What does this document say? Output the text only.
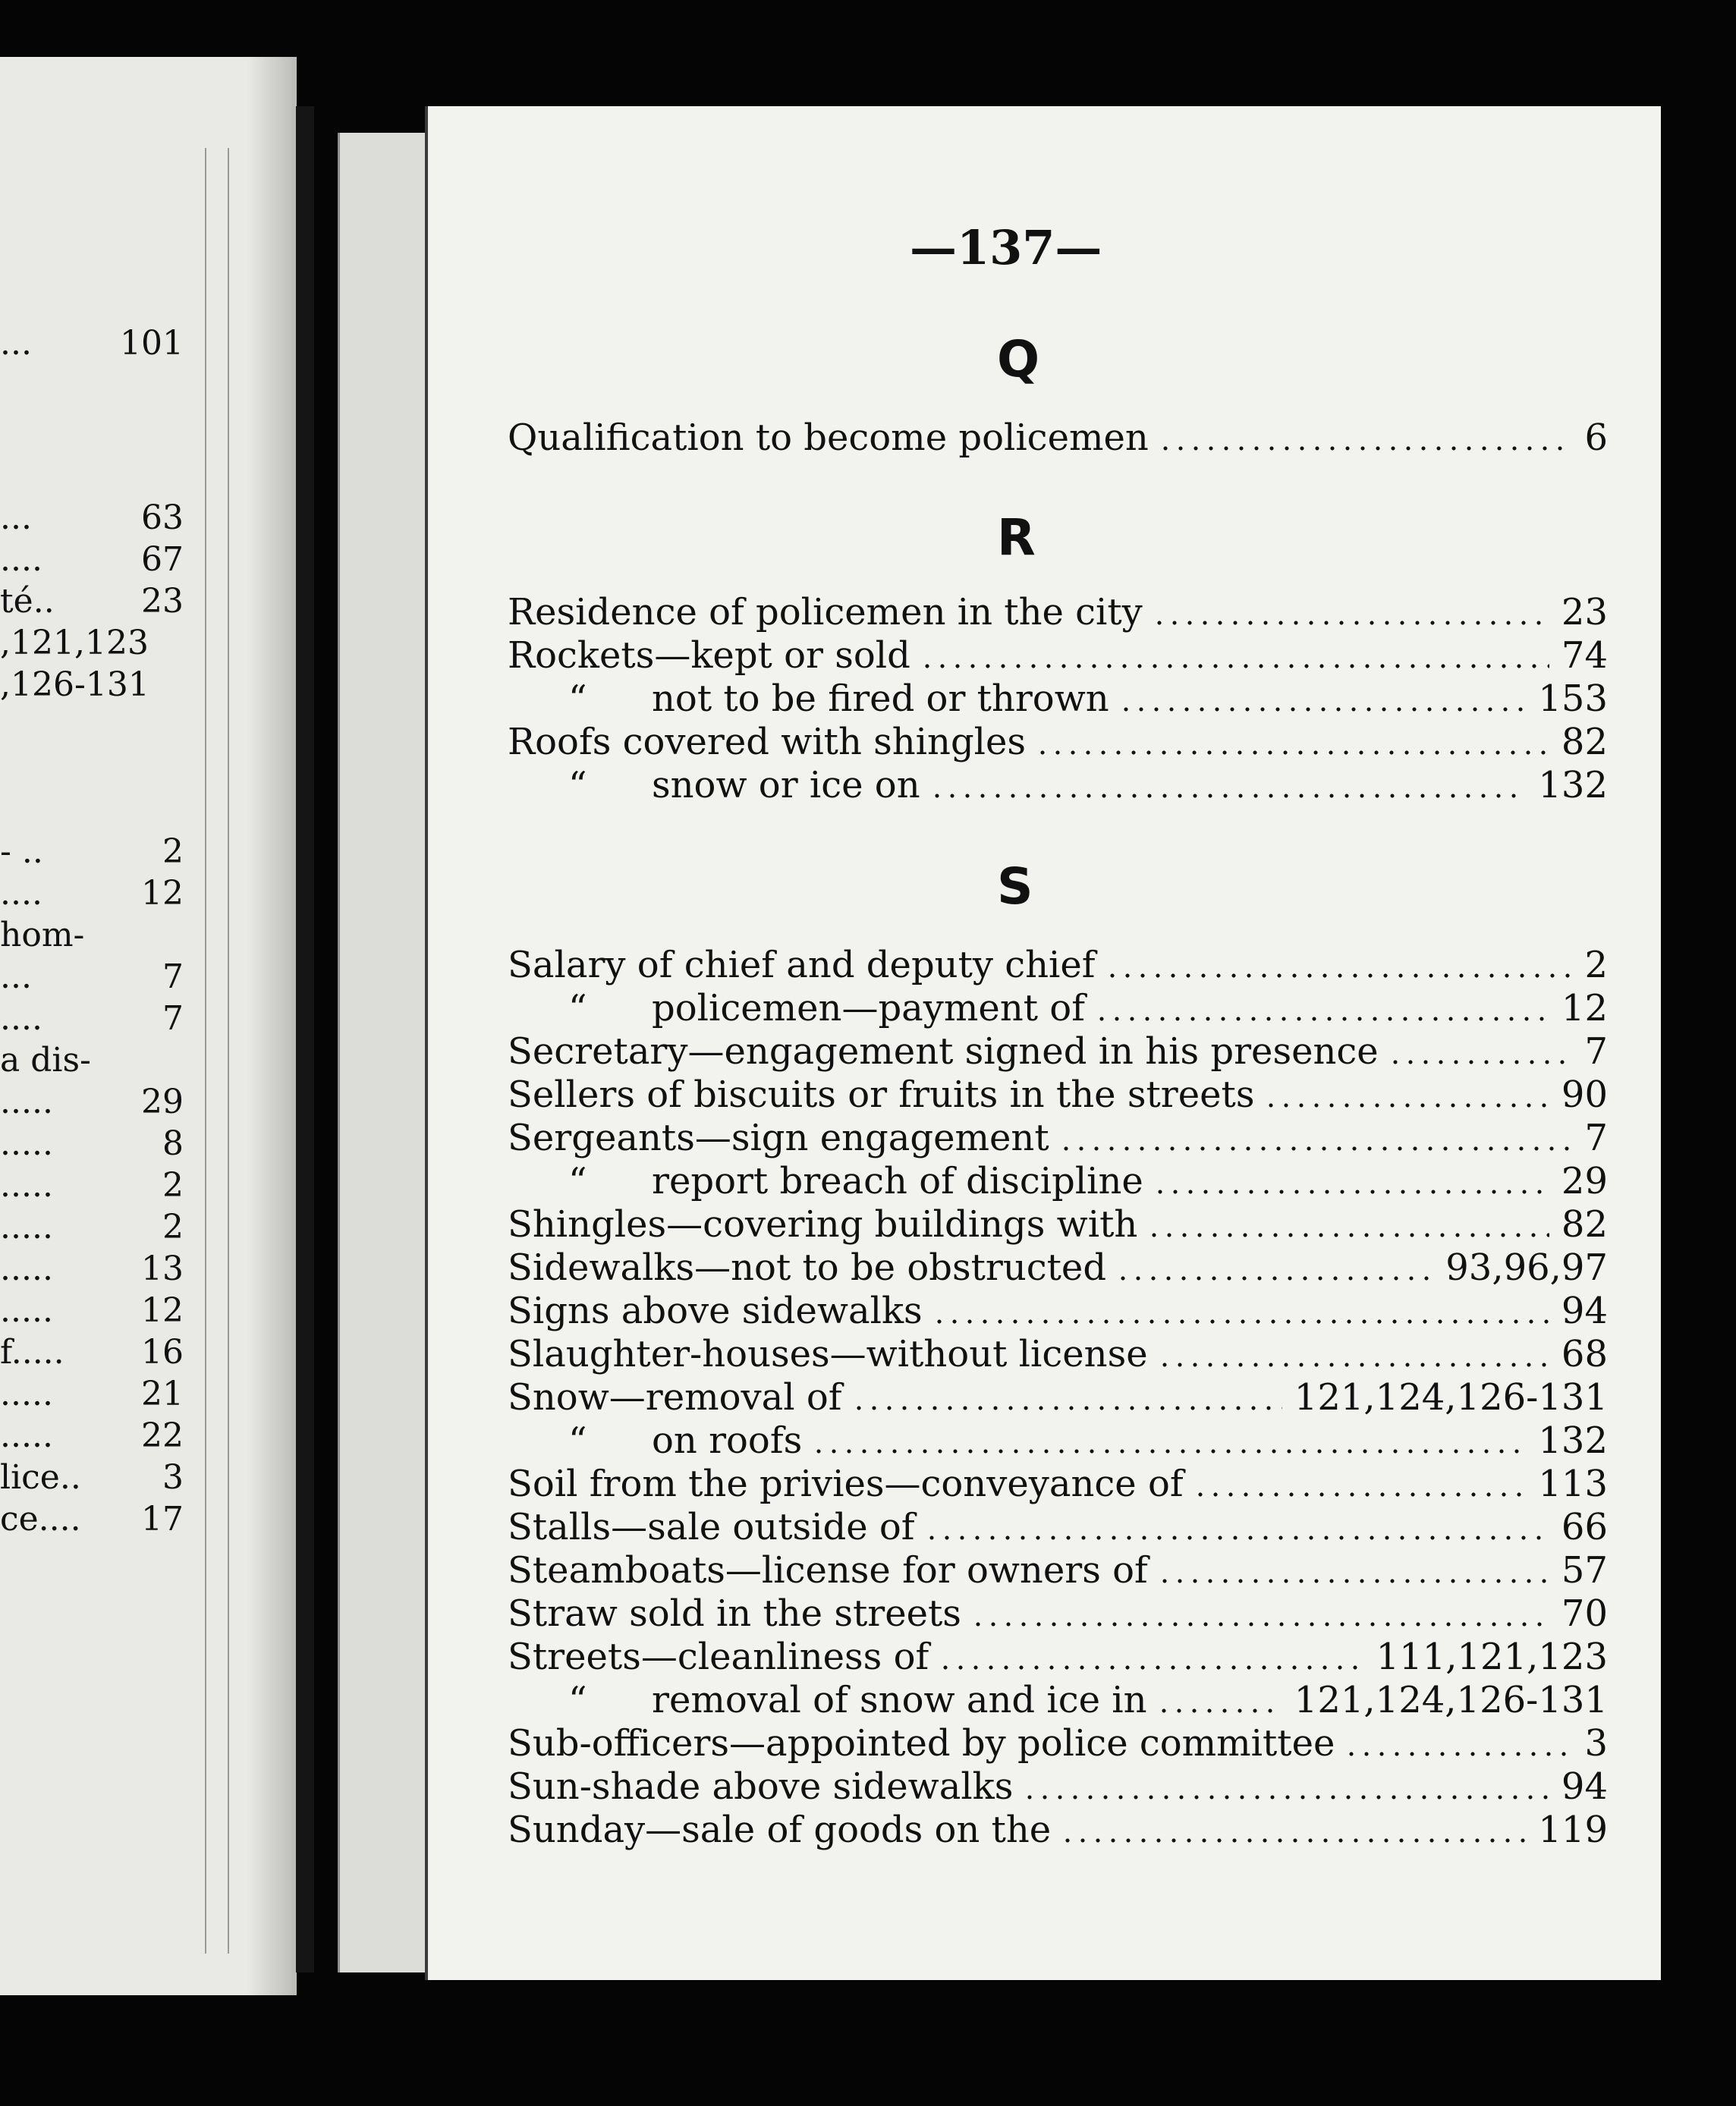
...	101
...	63
....	67
té..	23
,121,123
,126-131
- ..	2
....	12
hom-
...	7
....	7
a dis-
.....	29
.....	8
.....	2
.....	2
.....	13
.....	12
f..... 16
.....	21
.....	22
lice.. 3
ce.... 17
—137—
Q
Qualification to become policemen	6
R
Residence of policemen in the city	23
Rockets—kept or sold	74
“ not to be fired or thrown	153
Roofs covered with shingles	82
“ snow or ice on	132
S
Salary of chief and deputy chief	2
“ policemen—payment of	12
Secretary—engagement signed in his presence	7
Sellers of biscuits or fruits in the streets	90
Sergeants—sign engagement	7
“ report breach of discipline	29
Shingles—covering buildings with	82
Sidewalks—not to be obstructed	93,96,97
Signs above sidewalks	94
Slaughter-houses—without license	68
Snow—removal of	121,124,126-131
“ on roofs	132
Soil from the privies—conveyance of	113
Stalls—sale outside of	66
Steamboats—license for owners of	57
Straw sold in the streets	70
Streets—cleanliness of	111,121,123
“ removal of snow and ice in	121,124,126-131
Sub-officers—appointed by police committee	3
Sun-shade above sidewalks	94
Sunday—sale of goods on the	119
